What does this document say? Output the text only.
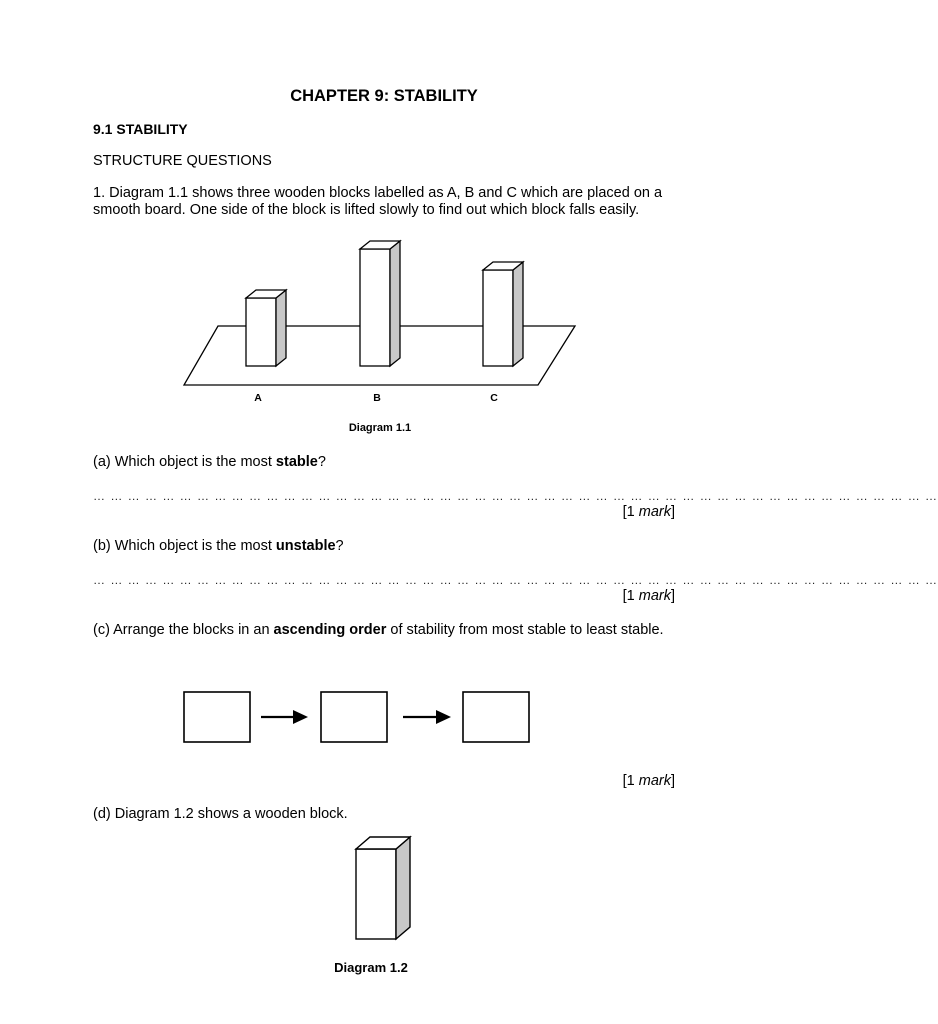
CHAPTER 9: STABILITY
9.1 STABILITY
STRUCTURE QUESTIONS
1. Diagram 1.1 shows three wooden blocks labelled as A, B and C which are placed on a smooth board. One side of the block is lifted slowly to find out which block falls easily.
A	B	C
Diagram 1.1
(a) Which object is the most stable?
… … … … … … … … … … … … … … … … … … … … … … … … … … … … … … … … … … … … … … … … … … … … … … … … …
[1 mark]
(b) Which object is the most unstable?
… … … … … … … … … … … … … … … … … … … … … … … … … … … … … … … … … … … … … … … … … … … … … … … … …
[1 mark]
(c) Arrange the blocks in an ascending order of stability from most stable to least stable.
[1 mark]
(d) Diagram 1.2 shows a wooden block.
Diagram 1.2
